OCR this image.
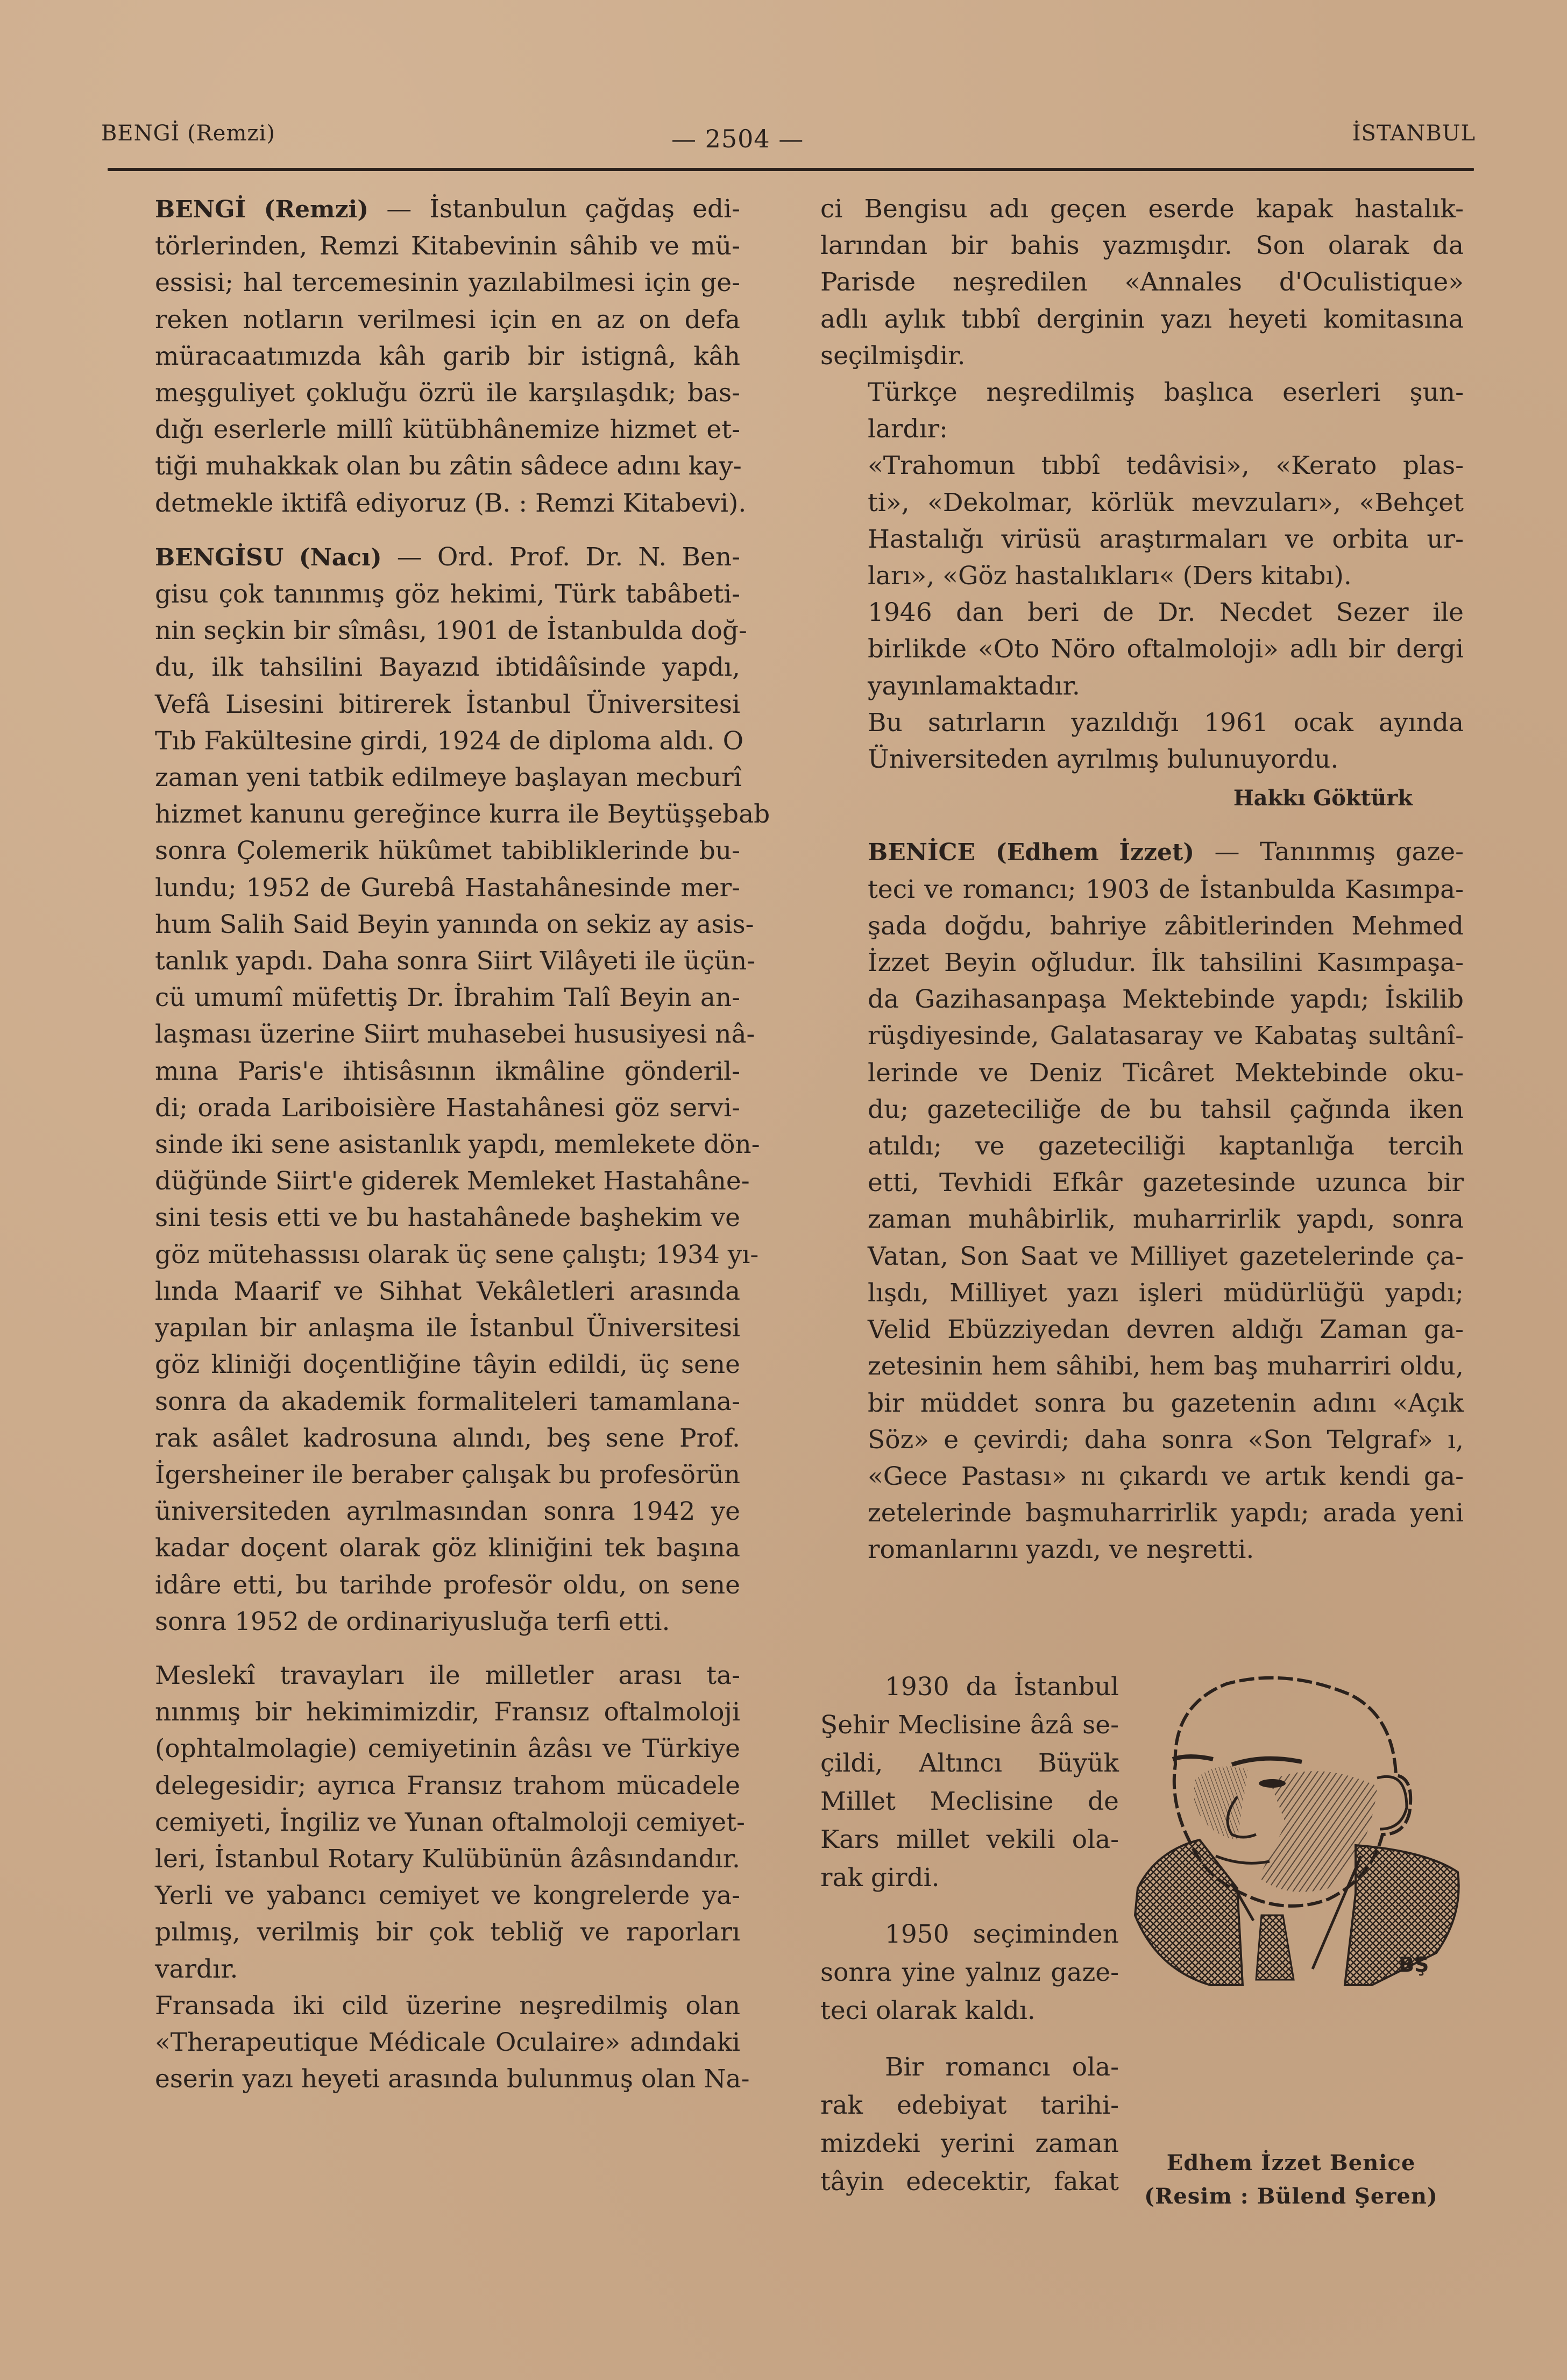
BENGİ (Remzi)	— 2504 —	İSTANBUL

BENGİ (Remzi) — İstanbulun çağdaş edi-
törlerinden, Remzi Kitabevinin sâhib ve mü-
essisi; hal tercemesinin yazılabilmesi için ge-
reken notların verilmesi için en az on defa
müracaatımızda kâh garib bir istignâ, kâh
meşguliyet çokluğu özrü ile karşılaşdık; bas-
dığı eserlerle millî kütübhânemize hizmet et-
tiği muhakkak olan bu zâtin sâdece adını kay-
detmekle iktifâ ediyoruz (B. : Remzi Kitabevi).

BENGİSU (Nacı) — Ord. Prof. Dr. N. Ben-
gisu çok tanınmış göz hekimi, Türk tabâbeti-
nin seçkin bir sîmâsı, 1901 de İstanbulda doğ-
du, ilk tahsilini Bayazıd ibtidâîsinde yapdı,
Vefâ Lisesini bitirerek İstanbul Üniversitesi
Tıb Fakültesine girdi, 1924 de diploma aldı. O
zaman yeni tatbik edilmeye başlayan mecburî
hizmet kanunu gereğince kurra ile Beytüşşebab
sonra Çolemerik hükûmet tabibliklerinde bu-
lundu; 1952 de Gurebâ Hastahânesinde mer-
hum Salih Said Beyin yanında on sekiz ay asis-
tanlık yapdı. Daha sonra Siirt Vilâyeti ile üçün-
cü umumî müfettiş Dr. İbrahim Talî Beyin an-
laşması üzerine Siirt muhasebei hususiyesi nâ-
mına Paris'e ihtisâsının ikmâline gönderil-
di; orada Lariboisière Hastahânesi göz servi-
sinde iki sene asistanlık yapdı, memlekete dön-
düğünde Siirt'e giderek Memleket Hastahâne-
sini tesis etti ve bu hastahânede başhekim ve
göz mütehassısı olarak üç sene çalıştı; 1934 yı-
lında Maarif ve Sihhat Vekâletleri arasında
yapılan bir anlaşma ile İstanbul Üniversitesi
göz kliniği doçentliğine tâyin edildi, üç sene
sonra da akademik formaliteleri tamamlana-
rak asâlet kadrosuna alındı, beş sene Prof.
İgersheiner ile beraber çalışak bu profesörün
üniversiteden ayrılmasından sonra 1942 ye
kadar doçent olarak göz kliniğini tek başına
idâre etti, bu tarihde profesör oldu, on sene
sonra 1952 de ordinariyusluğa terfi etti.

Meslekî travayları ile milletler arası ta-
nınmış bir hekimimizdir, Fransız oftalmoloji
(ophtalmolagie) cemiyetinin âzâsı ve Türkiye
delegesidir; ayrıca Fransız trahom mücadele
cemiyeti, İngiliz ve Yunan oftalmoloji cemiyet-
leri, İstanbul Rotary Kulübünün âzâsındandır.
Yerli ve yabancı cemiyet ve kongrelerde ya-
pılmış, verilmiş bir çok tebliğ ve raporları
vardır.

Fransada iki cild üzerine neşredilmiş olan
«Therapeutique Médicale Oculaire» adındaki
eserin yazı heyeti arasında bulunmuş olan Na-

ci Bengisu adı geçen eserde kapak hastalık-
larından bir bahis yazmışdır. Son olarak da
Parisde neşredilen «Annales d'Oculistique»
adlı aylık tıbbî derginin yazı heyeti komitasına
seçilmişdir.

Türkçe neşredilmiş başlıca eserleri şun-
lardır:

«Trahomun tıbbî tedâvisi», «Kerato plas-
ti», «Dekolmar, körlük mevzuları», «Behçet
Hastalığı virüsü araştırmaları ve orbita ur-
ları», «Göz hastalıkları« (Ders kitabı).

1946 dan beri de Dr. Necdet Sezer ile
birlikde «Oto Nöro oftalmoloji» adlı bir dergi
yayınlamaktadır.

Bu satırların yazıldığı 1961 ocak ayında
Üniversiteden ayrılmış bulunuyordu.

Hakkı Göktürk

BENİCE (Edhem İzzet) — Tanınmış gaze-
teci ve romancı; 1903 de İstanbulda Kasımpa-
şada doğdu, bahriye zâbitlerinden Mehmed
İzzet Beyin oğludur. İlk tahsilini Kasımpaşa-
da Gazihasanpaşa Mektebinde yapdı; İskilib
rüşdiyesinde, Galatasaray ve Kabataş sultânî-
lerinde ve Deniz Ticâret Mektebinde oku-
du; gazeteciliğe de bu tahsil çağında iken
atıldı; ve gazeteciliği kaptanlığa tercih
etti, Tevhidi Efkâr gazetesinde uzunca bir
zaman muhâbirlik, muharrirlik yapdı, sonra
Vatan, Son Saat ve Milliyet gazetelerinde ça-
lışdı, Milliyet yazı işleri müdürlüğü yapdı;
Velid Ebüzziyedan devren aldığı Zaman ga-
zetesinin hem sâhibi, hem baş muharriri oldu,
bir müddet sonra bu gazetenin adını «Açık
Söz» e çevirdi; daha sonra «Son Telgraf» ı,
«Gece Pastası» nı çıkardı ve artık kendi ga-
zetelerinde başmuharrirlik yapdı; arada yeni
romanlarını yazdı, ve neşretti.

1930 da İstanbul
Şehir Meclisine âzâ se-
çildi, Altıncı Büyük
Millet Meclisine de
Kars millet vekili ola-
rak girdi.

1950 seçiminden
sonra yine yalnız gaze-
teci olarak kaldı.

Bir romancı ola-
rak edebiyat tarihi-
mizdeki yerini zaman
tâyin edecektir, fakat

BŞ
Edhem İzzet Benice
(Resim : Bülend Şeren)
